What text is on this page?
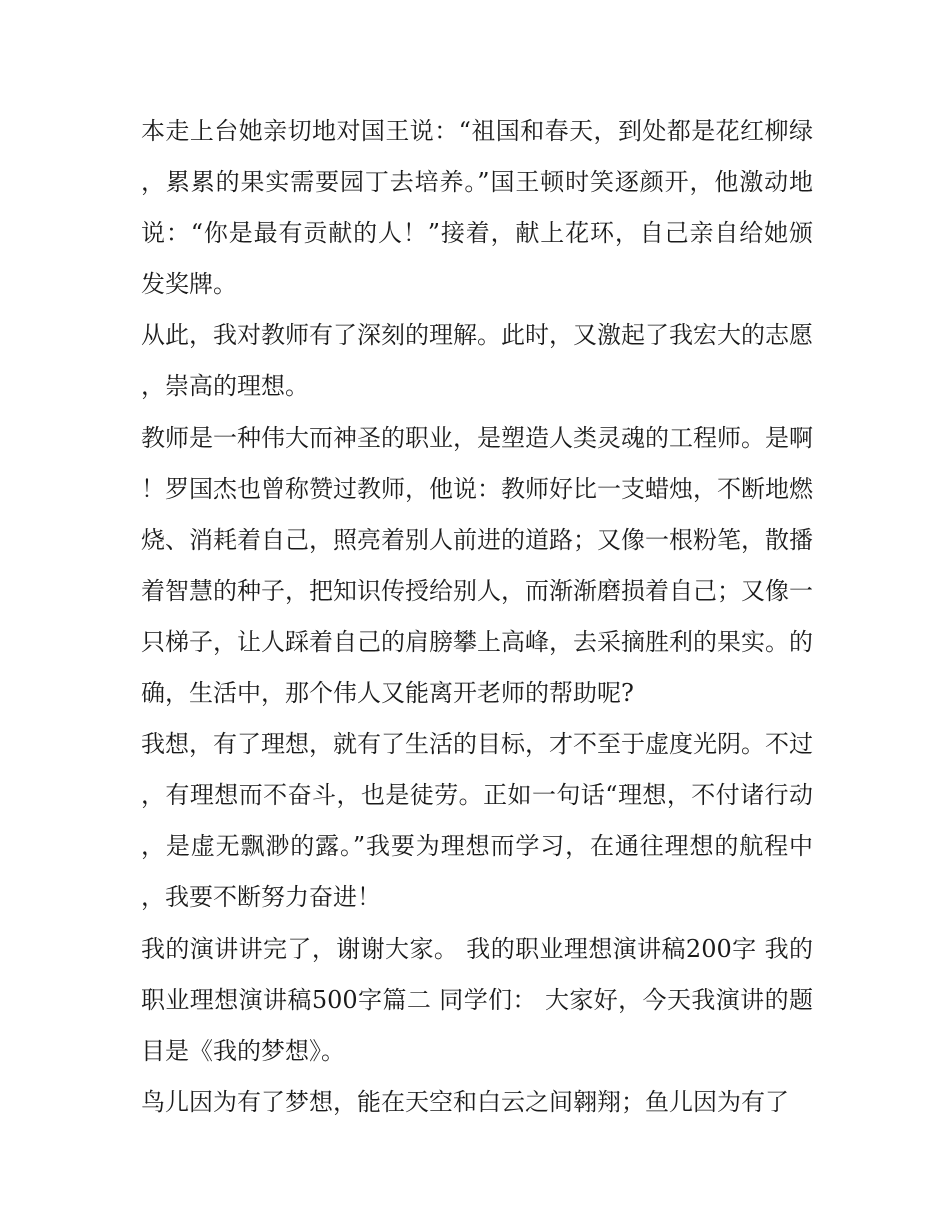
本走上台她亲切地对国王说：“祖国和春天，到处都是花红柳绿，累累的果实需要园丁去培养。”国王顿时笑逐颜开，他激动地说：“你是最有贡献的人！”接着，献上花环，自己亲自给她颁发奖牌。

从此，我对教师有了深刻的理解。此时，又激起了我宏大的志愿，崇高的理想。

教师是一种伟大而神圣的职业，是塑造人类灵魂的工程师。是啊！罗国杰也曾称赞过教师，他说：教师好比一支蜡烛，不断地燃烧、消耗着自己，照亮着别人前进的道路；又像一根粉笔，散播着智慧的种子，把知识传授给别人，而渐渐磨损着自己；又像一只梯子，让人踩着自己的肩膀攀上高峰，去采摘胜利的果实。的确，生活中，那个伟人又能离开老师的帮助呢?

我想，有了理想，就有了生活的目标，才不至于虚度光阴。不过，有理想而不奋斗，也是徒劳。正如一句话“理想，不付诸行动，是虚无飘渺的露。”我要为理想而学习，在通往理想的航程中，我要不断努力奋进！

我的演讲讲完了，谢谢大家。 我的职业理想演讲稿200字 我的职业理想演讲稿500字篇二 同学们： 大家好，今天我演讲的题目是《我的梦想》。

鸟儿因为有了梦想，能在天空和白云之间翱翔；鱼儿因为有了
